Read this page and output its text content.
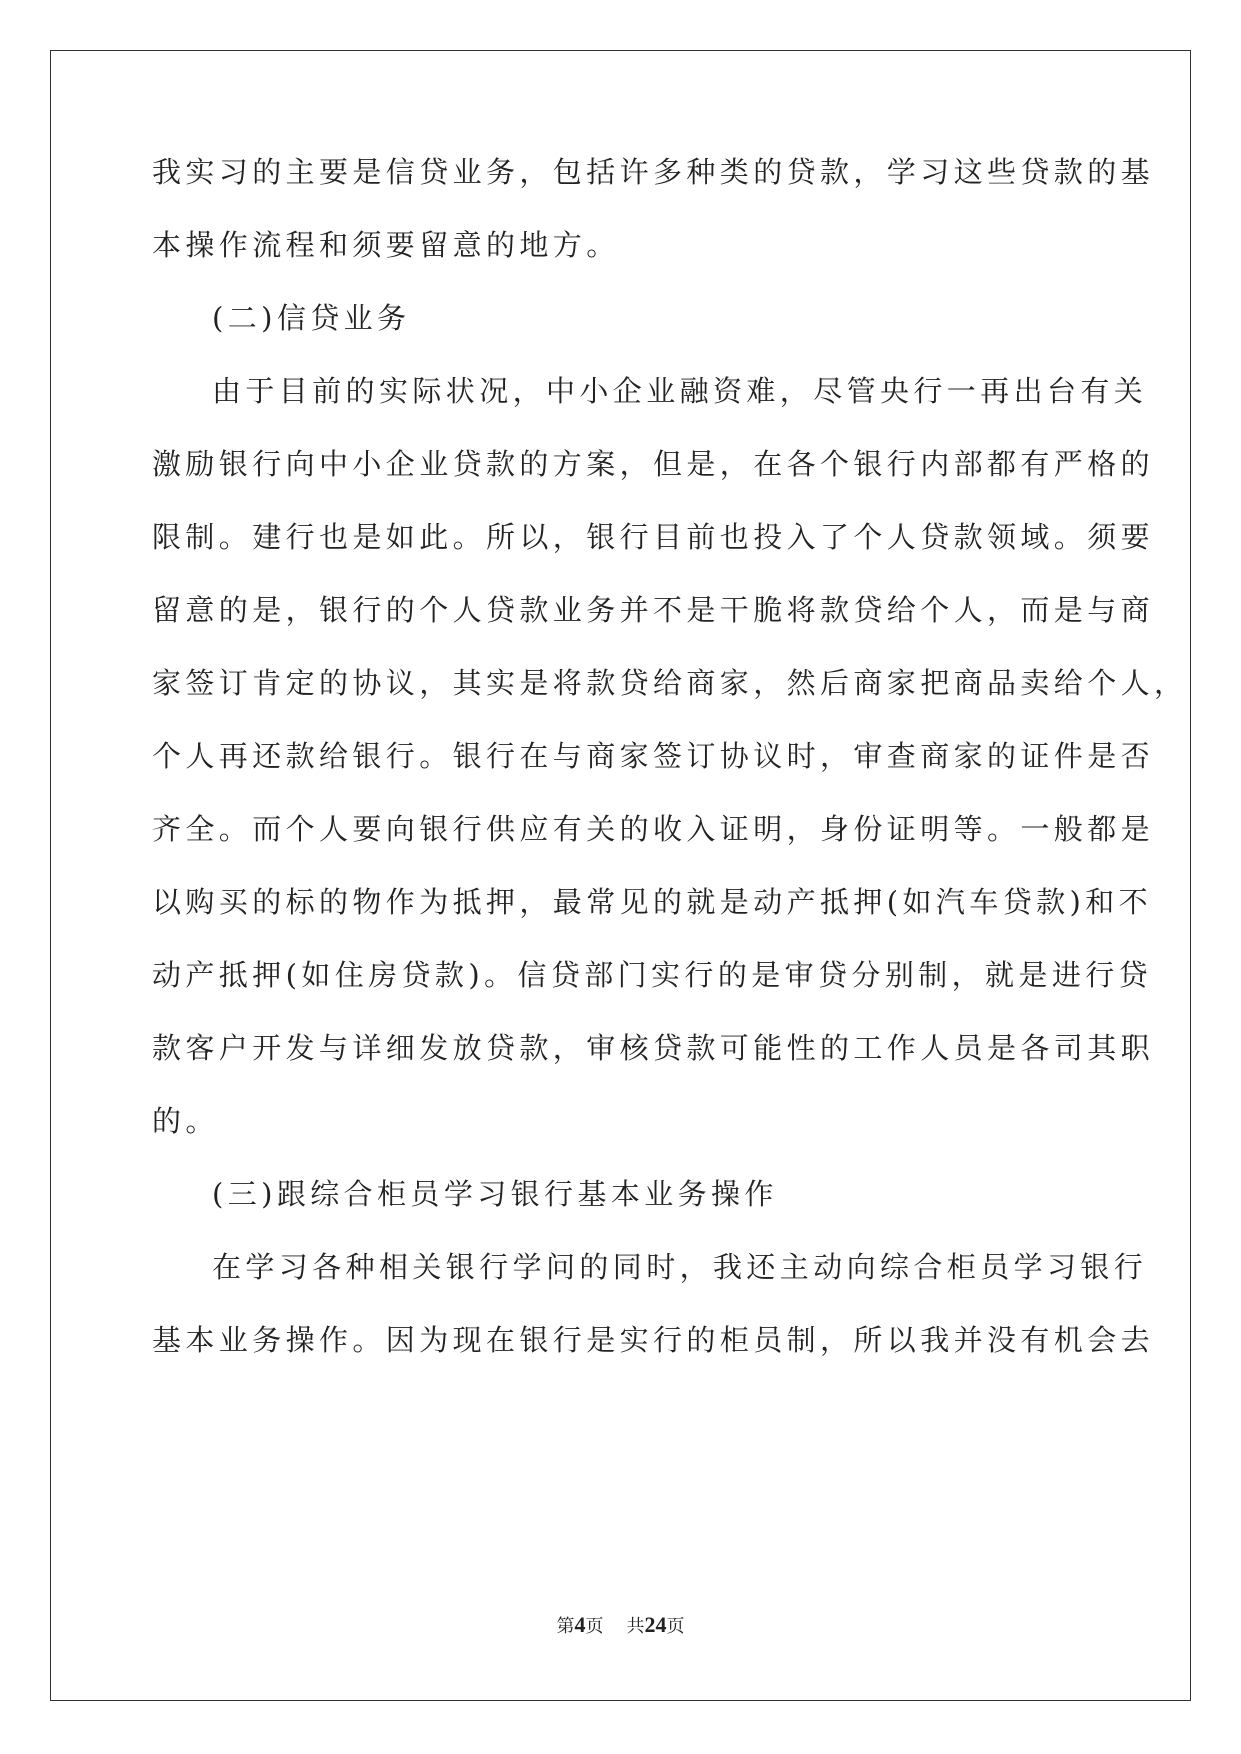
我实习的主要是信贷业务，包括许多种类的贷款，学习这些贷款的基
本操作流程和须要留意的地方。
(二)信贷业务
由于目前的实际状况，中小企业融资难，尽管央行一再出台有关
激励银行向中小企业贷款的方案，但是，在各个银行内部都有严格的
限制。建行也是如此。所以，银行目前也投入了个人贷款领域。须要
留意的是，银行的个人贷款业务并不是干脆将款贷给个人，而是与商
家签订肯定的协议，其实是将款贷给商家，然后商家把商品卖给个人，
个人再还款给银行。银行在与商家签订协议时，审查商家的证件是否
齐全。而个人要向银行供应有关的收入证明，身份证明等。一般都是
以购买的标的物作为抵押，最常见的就是动产抵押(如汽车贷款)和不
动产抵押(如住房贷款)。信贷部门实行的是审贷分别制，就是进行贷
款客户开发与详细发放贷款，审核贷款可能性的工作人员是各司其职
的。
(三)跟综合柜员学习银行基本业务操作
在学习各种相关银行学问的同时，我还主动向综合柜员学习银行
基本业务操作。因为现在银行是实行的柜员制，所以我并没有机会去
第4页 共24页
